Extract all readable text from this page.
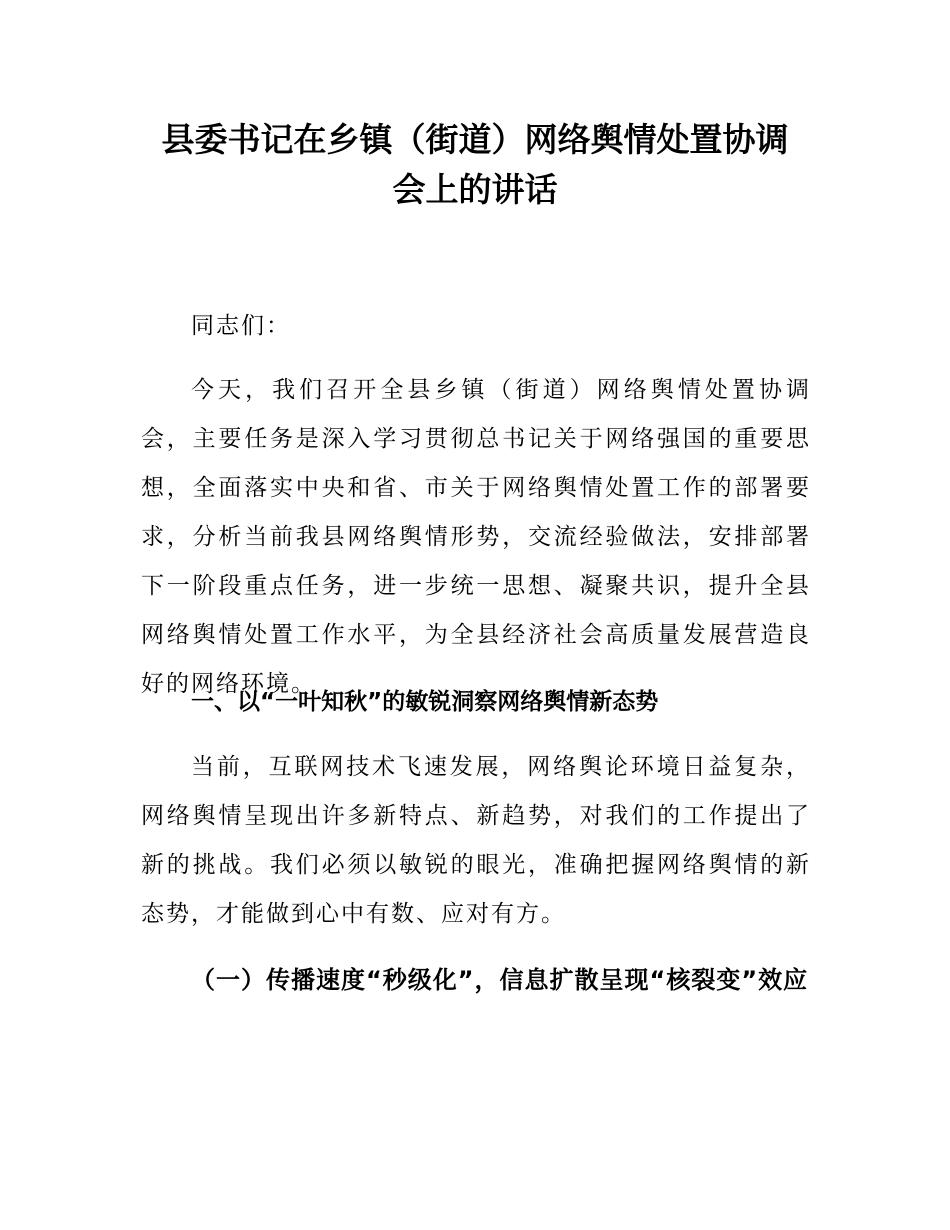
县委书记在乡镇（街道）网络舆情处置协调
会上的讲话

同志们：

今天，我们召开全县乡镇（街道）网络舆情处置协调会，主要任务是深入学习贯彻总书记关于网络强国的重要思想，全面落实中央和省、市关于网络舆情处置工作的部署要求，分析当前我县网络舆情形势，交流经验做法，安排部署下一阶段重点任务，进一步统一思想、凝聚共识，提升全县网络舆情处置工作水平，为全县经济社会高质量发展营造良好的网络环境。

一、以“一叶知秋”的敏锐洞察网络舆情新态势

当前，互联网技术飞速发展，网络舆论环境日益复杂，网络舆情呈现出许多新特点、新趋势，对我们的工作提出了新的挑战。我们必须以敏锐的眼光，准确把握网络舆情的新态势，才能做到心中有数、应对有方。

（一）传播速度“秒级化”，信息扩散呈现“核裂变”效应
